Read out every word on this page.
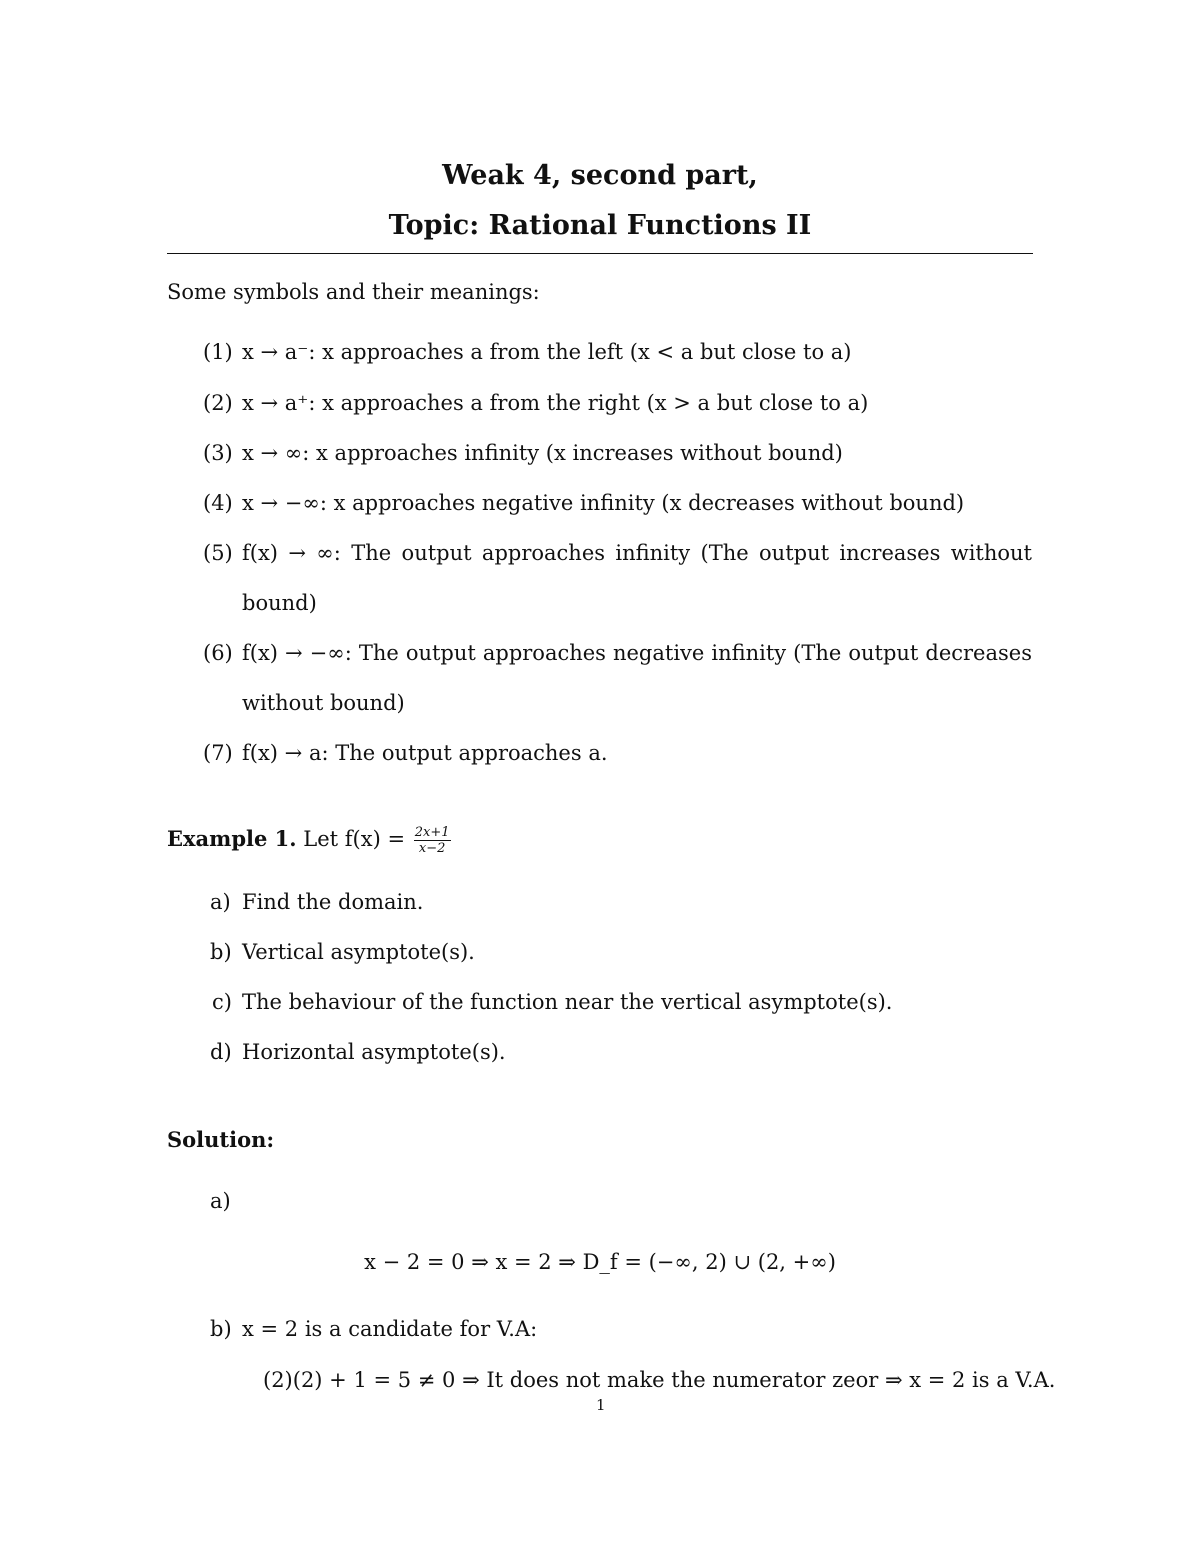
Weak 4, second part,
Topic: Rational Functions II
Some symbols and their meanings:
(1) x → a⁻: x approaches a from the left (x < a but close to a)
(2) x → a⁺: x approaches a from the right (x > a but close to a)
(3) x → ∞: x approaches infinity (x increases without bound)
(4) x → −∞: x approaches negative infinity (x decreases without bound)
(5) f(x) → ∞: The output approaches infinity (The output increases without
bound)
(6) f(x) → −∞: The output approaches negative infinity (The output decreases
without bound)
(7) f(x) → a: The output approaches a.
Example 1. Let $f(x) = \frac{2x+1}{x-2}$
a) Find the domain.
b) Vertical asymptote(s).
c) The behaviour of the function near the vertical asymptote(s).
d) Horizontal asymptote(s).
Solution:
a)
x − 2 = 0 ⇒ x = 2 ⇒ D_f = (−∞, 2) ∪ (2, +∞)
b) x = 2 is a candidate for V.A:
(2)(2) + 1 = 5 ≠ 0 ⇒ It does not make the numerator zeor ⇒ x = 2 is a V.A.
1
